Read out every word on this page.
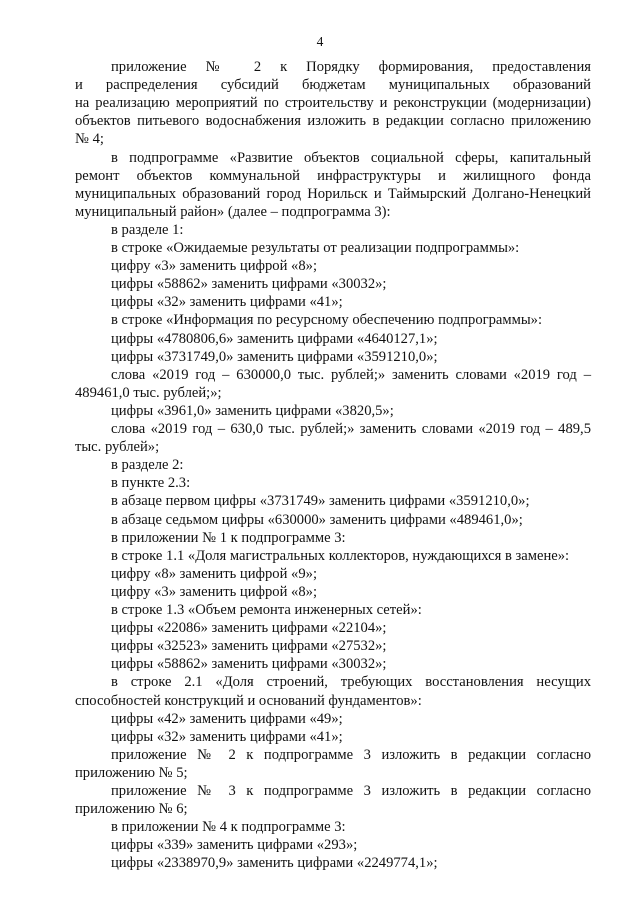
4
приложение № 2 к Порядку формирования, предоставления
и распределения субсидий бюджетам муниципальных образований
на реализацию мероприятий по строительству и реконструкции (модернизации)
объектов питьевого водоснабжения изложить в редакции согласно приложению
№ 4;
в подпрограмме «Развитие объектов социальной сферы, капитальный
ремонт объектов коммунальной инфраструктуры и жилищного фонда
муниципальных образований город Норильск и Таймырский Долгано-Ненецкий
муниципальный район» (далее – подпрограмма 3):
в разделе 1:
в строке «Ожидаемые результаты от реализации подпрограммы»:
цифру «3» заменить цифрой «8»;
цифры «58862» заменить цифрами «30032»;
цифры «32» заменить цифрами «41»;
в строке «Информация по ресурсному обеспечению подпрограммы»:
цифры «4780806,6» заменить цифрами «4640127,1»;
цифры «3731749,0» заменить цифрами «3591210,0»;
слова «2019 год – 630000,0 тыс. рублей;» заменить словами «2019 год –
489461,0 тыс. рублей;»;
цифры «3961,0» заменить цифрами «3820,5»;
слова «2019 год – 630,0 тыс. рублей;» заменить словами «2019 год – 489,5
тыс. рублей»;
в разделе 2:
в пункте 2.3:
в абзаце первом цифры «3731749» заменить цифрами «3591210,0»;
в абзаце седьмом цифры «630000» заменить цифрами «489461,0»;
в приложении № 1 к подпрограмме 3:
в строке 1.1 «Доля магистральных коллекторов, нуждающихся в замене»:
цифру «8» заменить цифрой «9»;
цифру «3» заменить цифрой «8»;
в строке 1.3 «Объем ремонта инженерных сетей»:
цифры «22086» заменить цифрами «22104»;
цифры «32523» заменить цифрами «27532»;
цифры «58862» заменить цифрами «30032»;
в строке 2.1 «Доля строений, требующих восстановления несущих
способностей конструкций и оснований фундаментов»:
цифры «42» заменить цифрами «49»;
цифры «32» заменить цифрами «41»;
приложение № 2 к подпрограмме 3 изложить в редакции согласно
приложению № 5;
приложение № 3 к подпрограмме 3 изложить в редакции согласно
приложению № 6;
в приложении № 4 к подпрограмме 3:
цифры «339» заменить цифрами «293»;
цифры «2338970,9» заменить цифрами «2249774,1»;
